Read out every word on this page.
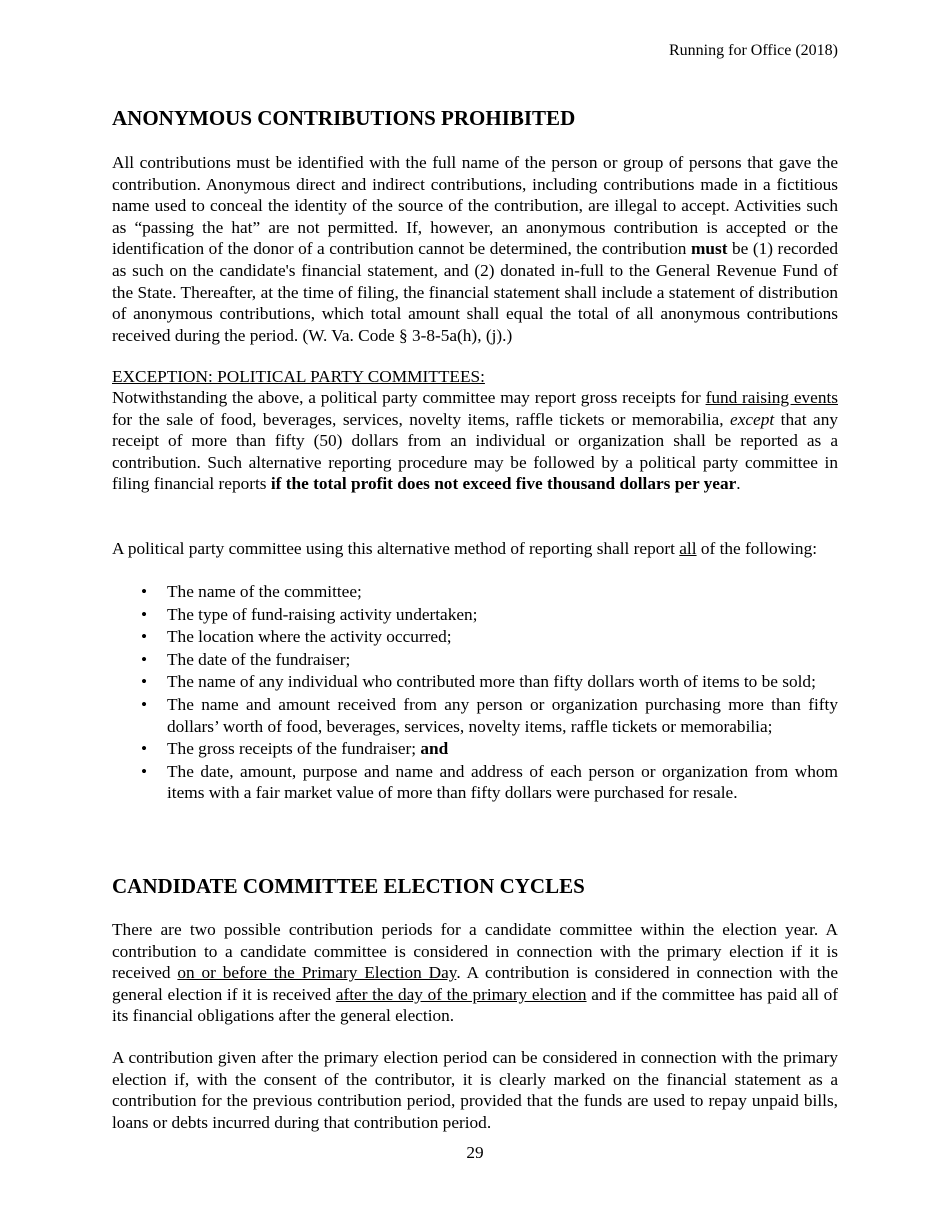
Running for Office (2018)
ANONYMOUS CONTRIBUTIONS PROHIBITED

All contributions must be identified with the full name of the person or group of persons that gave the contribution. Anonymous direct and indirect contributions, including contributions made in a fictitious name used to conceal the identity of the source of the contribution, are illegal to accept. Activities such as “passing the hat” are not permitted. If, however, an anonymous contribution is accepted or the identification of the donor of a contribution cannot be determined, the contribution must be (1) recorded as such on the candidate's financial statement, and (2) donated in-full to the General Revenue Fund of the State. Thereafter, at the time of filing, the financial statement shall include a statement of distribution of anonymous contributions, which total amount shall equal the total of all anonymous contributions received during the period. (W. Va. Code § 3-8-5a(h), (j).)

EXCEPTION: POLITICAL PARTY COMMITTEES:

Notwithstanding the above, a political party committee may report gross receipts for fund raising events for the sale of food, beverages, services, novelty items, raffle tickets or memorabilia, except that any receipt of more than fifty (50) dollars from an individual or organization shall be reported as a contribution. Such alternative reporting procedure may be followed by a political party committee in filing financial reports if the total profit does not exceed five thousand dollars per year.

A political party committee using this alternative method of reporting shall report all of the following:

• The name of the committee;
• The type of fund-raising activity undertaken;
• The location where the activity occurred;
• The date of the fundraiser;
• The name of any individual who contributed more than fifty dollars worth of items to be sold;
• The name and amount received from any person or organization purchasing more than fifty dollars’ worth of food, beverages, services, novelty items, raffle tickets or memorabilia;
• The gross receipts of the fundraiser; and
• The date, amount, purpose and name and address of each person or organization from whom items with a fair market value of more than fifty dollars were purchased for resale.
CANDIDATE COMMITTEE ELECTION CYCLES

There are two possible contribution periods for a candidate committee within the election year. A contribution to a candidate committee is considered in connection with the primary election if it is received on or before the Primary Election Day. A contribution is considered in connection with the general election if it is received after the day of the primary election and if the committee has paid all of its financial obligations after the general election.

A contribution given after the primary election period can be considered in connection with the primary election if, with the consent of the contributor, it is clearly marked on the financial statement as a contribution for the previous contribution period, provided that the funds are used to repay unpaid bills, loans or debts incurred during that contribution period.

29
